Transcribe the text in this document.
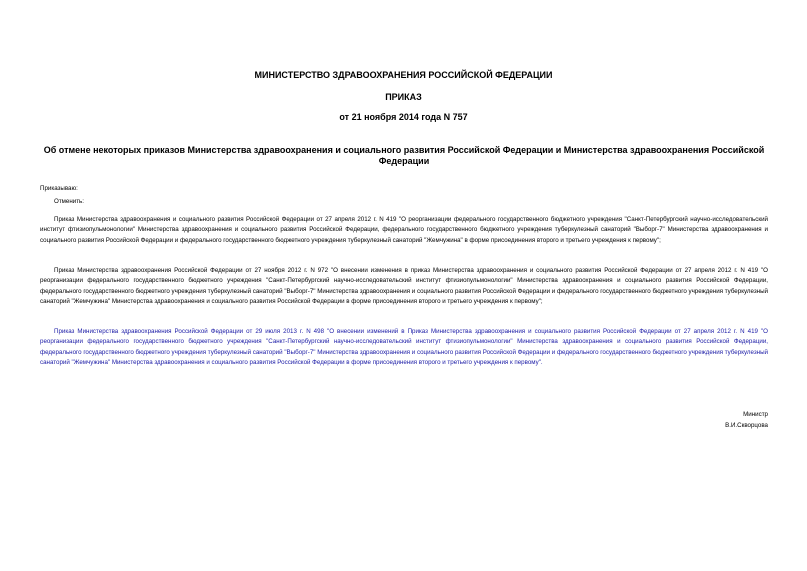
МИНИСТЕРСТВО ЗДРАВООХРАНЕНИЯ РОССИЙСКОЙ ФЕДЕРАЦИИ
ПРИКАЗ
от 21 ноября 2014 года N 757
Об отмене некоторых приказов Министерства здравоохранения и социального развития Российской Федерации и Министерства здравоохранения Российской Федерации
Приказываю:
Отменить:
Приказ Министерства здравоохранения и социального развития Российской Федерации от 27 апреля 2012 г. N 419 "О реорганизации федерального государственного бюджетного учреждения "Санкт-Петербургский научно-исследовательский институт фтизиопульмонологии" Министерства здравоохранения и социального развития Российской Федерации, федерального государственного бюджетного учреждения туберкулезный санаторий "Выборг-7" Министерства здравоохранения и социального развития Российской Федерации и федерального государственного бюджетного учреждения туберкулезный санаторий "Жемчужина" в форме присоединения второго и третьего учреждения к первому";
Приказ Министерства здравоохранения Российской Федерации от 27 ноября 2012 г. N 972 "О внесении изменения в приказ Министерства здравоохранения и социального развития Российской Федерации от 27 апреля 2012 г. N 419 "О реорганизации федерального государственного бюджетного учреждения "Санкт-Петербургский научно-исследовательский институт фтизиопульмонологии" Министерства здравоохранения и социального развития Российской Федерации, федерального государственного бюджетного учреждения туберкулезный санаторий "Выборг-7" Министерства здравоохранения и социального развития Российской Федерации и федерального государственного бюджетного учреждения туберкулезный санаторий "Жемчужина" Министерства здравоохранения и социального развития Российской Федерации в форме присоединения второго и третьего учреждения к первому";
Приказ Министерства здравоохранения Российской Федерации от 29 июля 2013 г. N 498 "О внесении изменений в Приказ Министерства здравоохранения и социального развития Российской Федерации от 27 апреля 2012 г. N 419 "О реорганизации федерального государственного бюджетного учреждения "Санкт-Петербургский научно-исследовательский институт фтизиопульмонологии" Министерства здравоохранения и социального развития Российской Федерации, федерального государственного бюджетного учреждения туберкулезный санаторий "Выборг-7" Министерства здравоохранения и социального развития Российской Федерации и федерального государственного бюджетного учреждения туберкулезный санаторий "Жемчужина" Министерства здравоохранения и социального развития Российской Федерации в форме присоединения второго и третьего учреждения к первому".
Министр
В.И.Скворцова
